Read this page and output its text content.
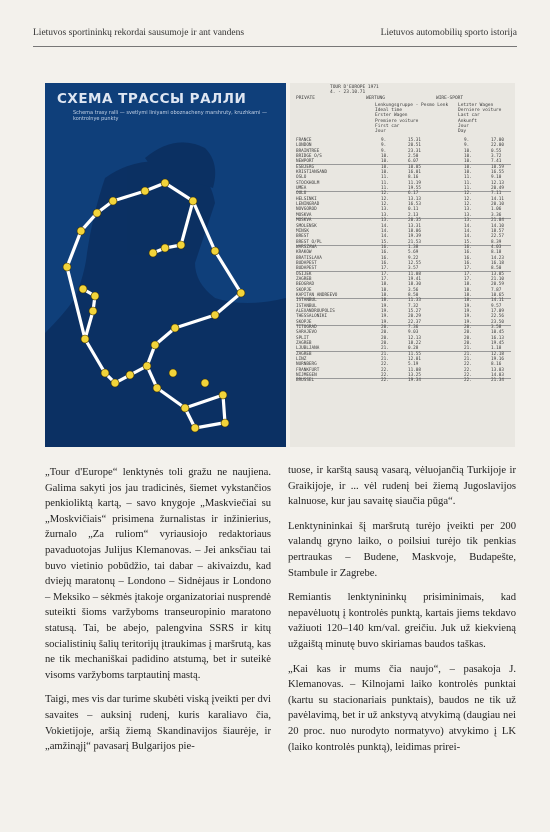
Lietuvos sportininkų rekordai sausumoje ir ant vandens	Lietuvos automobilių sporto istorija
СХЕМА ТРАССЫ РАЛЛИ
Schema trasy ralli — svetlymi liniyami oboznacheny marshruty, kruzhkami — kontrolnye punkty
TOUR D'EUROPE 1971
4. - 23.10.71
PRIVATE	WERTUNG	WIRE-SPORT
Lenkungsgruppe - Pesmo Lenk
Ideal time
Erster Wagen
Premiere voiture
First car
Jour
Letzter Wagen
Derniere voiture
Last car
Ankunft
Jour
Day
FRANCE	9.	15.31	9.	17.00
LONDON	9.	20.51	9.	22.00
BRAINTREE	9.	23.31	10.	0.55
BRIDGE O/S	10.	2.50	10.	3.72
NEWPORT	10.	6.07	10.	7.41
ESBJERG	10.	10.05	10.	10.59
KRISTIANSAND	10.	16.01	10.	16.55
OSLO	11.	8.16	11.	9.10
STOCKHOLM	11.	11.19	11.	12.13
UMEA	11.	19.55	11.	20.49
OULU	12.	6.17	12.	7.11
HELSINKI	12.	13.13	12.	14.11
LENINGRAD	12.	16.53	12.	20.10
NOVGOROD	13.	0.11	13.	1.06
MOSKVA	13.	2.13	13.	3.36
MOSKVA	13.	20.35	13.	21.04
SMOLENSK	14.	13.31	14.	14.10
MINSK	14.	18.06	14.	18.57
BREST	14.	19.39	14.	22.57
BREST O/PL	15.	21.53	15.	8.39
WARSZAWA	16.	1.38	16.	4.03
KRAKOW	16.	5.69	16.	8.18
BRATISLAVA	16.	9.22	16.	14.23
BUDAPEST	16.	12.55	16.	16.18
BUDAPEST	17.	3.57	17.	8.50
OSIJEK	17.	11.08	17.	13.05
ZAGREB	17.	19.41	17.	21.10
BEOGRAD	18.	18.30	18.	20.59
SKOPJE	18.	3.56	18.	7.87
KAPITAN ANDREEVO	18.	8.50	18.	10.65
ISTANBUL	18.	11.33	18.	14.11
ISTANBUL	19.	7.32	19.	9.57
ALEXANDROUPOLIS	19.	15.27	19.	17.09
THESSALONIKI	19.	20.29	19.	22.56
SKOPJE	19.	22.37	19.	23.50
TITOGRAD	20.	7.36	20.	3.58
SARAJEVO	20.	9.03	20.	10.45
SPLIT	20.	12.13	20.	16.13
ZAGREB	20.	18.22	20.	19.45
LJUBLJANA	21.	0.28	21.	1.18
ZAGREB	21.	11.55	21.	12.18
LINZ	21.	12.01	21.	19.16
NURNBERG	22.	5.19	22.	8.16
FRANKFURT	22.	11.08	22.	13.03
NIJMEGEN	22.	13.25	22.	14.03
BRUSSEL	22.	19.34	22.	21.34

„Tour d'Europe“ lenktynės toli gražu ne naujiena. Galima sakyti jos jau tradicinės, šiemet vykstančios penkioliktą kartą, – savo knygoje „Maskviečiai su „Moskvičiais“ prisimena žurnalistas ir inžinierius, žurnalo „Za ruliom“ vyriausiojo redaktoriaus pavaduotojas Julijus Klemanovas. – Jei anksčiau tai buvo vietinio pobūdžio, tai dabar – akivaizdu, kad dviejų maratonų – Londono – Sidnėjaus ir Londono – Meksiko – sėkmės įtakoje organizatoriai nusprendė suteikti šioms varžyboms transeuropinio maratono statusą. Tai, be abejo, palengvina SSRS ir kitų socialistinių šalių teritorijų įtraukimas į maršrutą, kas ne tik mechaniškai padidino atstumą, bet ir suteikė visoms varžyboms tarptautinį mastą.

Taigi, mes vis dar turime skubėti viską įveikti per dvi savaites – auksinį rudenį, kuris karaliavo čia, Vokietijoje, aršią žiemą Skandinavijos šiaurėje, ir „amžinąjį“ pavasarį Bulgarijos pie-

tuose, ir karštą sausą vasarą, vėluojančią Turkijoje ir Graikijoje, ir ... vėl rudenį bei žiemą Jugoslavijos kalnuose, kur jau savaitę siaučia pūga“.

Lenktynininkai šį maršrutą turėjo įveikti per 200 valandų gryno laiko, o poilsiui turėjo tik penkias pertraukas – Budene, Maskvoje, Budapešte, Stambule ir Zagrebe.

Remiantis lenktynininkų prisiminimais, kad nepavėluotų į kontrolės punktą, kartais jiems tekdavo važiuoti 120–140 km/val. greičiu. Juk už kiekvieną užgaištą minutę buvo skiriamas baudos taškas.

„Kai kas ir mums čia naujo“, – pasakoja J. Klemanovas. – Kilnojami laiko kontrolės punktai (kartu su stacionariais punktais), baudos ne tik už pavėlavimą, bet ir už ankstyvą atvykimą (daugiau nei 20 proc. nuo nurodyto normatyvo) atvykimo į LK (laiko kontrolės punktą), leidimas prirei-
